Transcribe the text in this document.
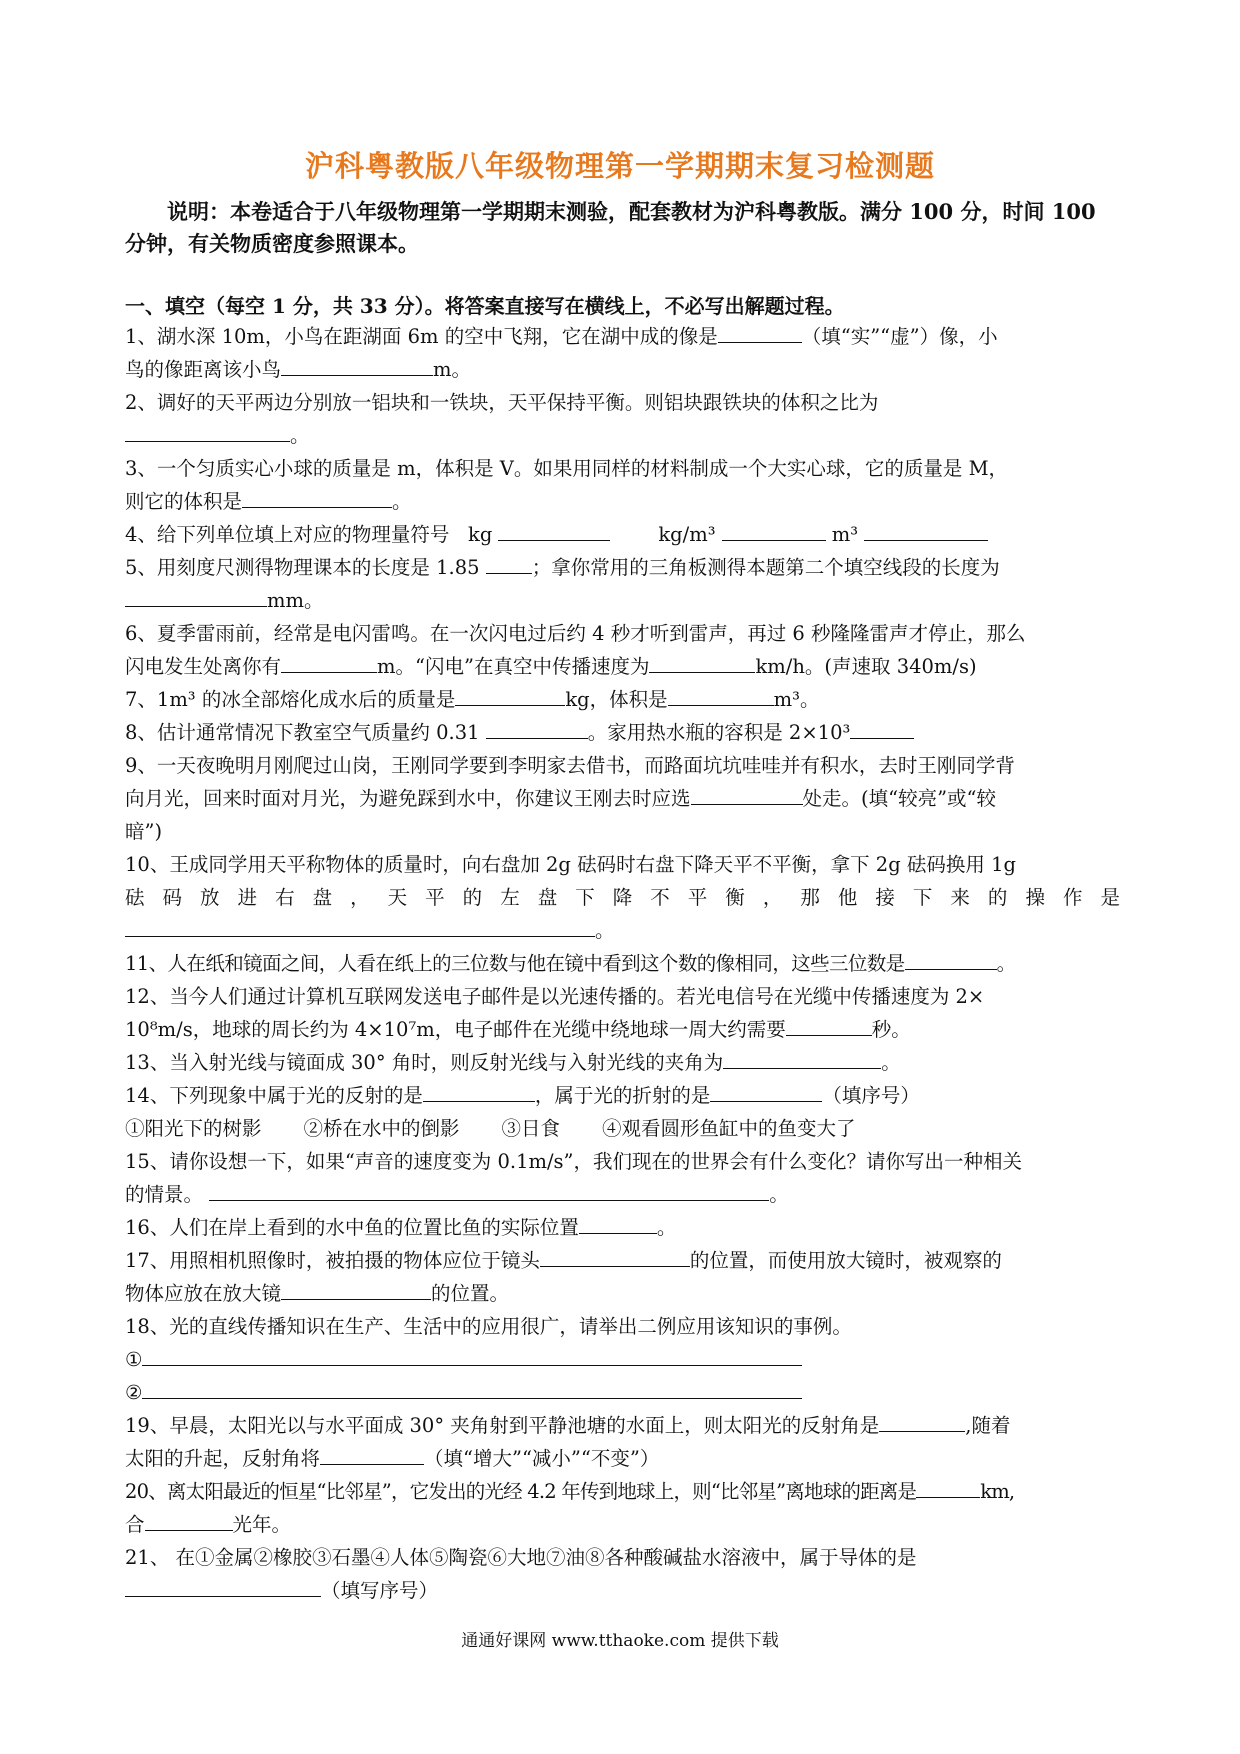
沪科粤教版八年级物理第一学期期末复习检测题
说明：本卷适合于八年级物理第一学期期末测验，配套教材为沪科粤教版。满分 100 分，时间 100 分钟，有关物质密度参照课本。
一、填空（每空 1 分，共 33 分）。将答案直接写在横线上，不必写出解题过程。

1、湖水深 10m，小鸟在距湖面 6m 的空中飞翔，它在湖中成的像是	（填“实”“虚”）像，小

鸟的像距离该小鸟	m。

2、调好的天平两边分别放一铝块和一铁块，天平保持平衡。则铝块跟铁块的体积之比为

。

3、一个匀质实心小球的质量是 m，体积是 V。如果用同样的材料制成一个大实心球，它的质量是 M，

则它的体积是	。

4、给下列单位填上对应的物理量符号 kg	kg/m³	m³

5、用刻度尺测得物理课本的长度是 1.85	；拿你常用的三角板测得本题第二个填空线段的长度为

mm。

6、夏季雷雨前，经常是电闪雷鸣。在一次闪电过后约 4 秒才听到雷声，再过 6 秒隆隆雷声才停止，那么

闪电发生处离你有	m。“闪电”在真空中传播速度为	km/h。(声速取 340m/s)

7、1m³ 的冰全部熔化成水后的质量是	kg，体积是	m³。

8、估计通常情况下教室空气质量约 0.31	。家用热水瓶的容积是 2×10³

9、一天夜晚明月刚爬过山岗，王刚同学要到李明家去借书，而路面坑坑哇哇并有积水，去时王刚同学背

向月光，回来时面对月光，为避免踩到水中，你建议王刚去时应选	处走。(填“较亮”或“较

暗”)

10、王成同学用天平称物体的质量时，向右盘加 2g 砝码时右盘下降天平不平衡，拿下 2g 砝码换用 1g

砝 码 放 进 右 盘 ， 天 平 的 左 盘 下 降 不 平 衡 ， 那 他 接 下 来 的 操 作 是

。

11、人在纸和镜面之间，人看在纸上的三位数与他在镜中看到这个数的像相同，这些三位数是	。

12、当今人们通过计算机互联网发送电子邮件是以光速传播的。若光电信号在光缆中传播速度为 2×

10⁸m/s，地球的周长约为 4×10⁷m，电子邮件在光缆中绕地球一周大约需要	秒。

13、当入射光线与镜面成 30° 角时，则反射光线与入射光线的夹角为	。

14、下列现象中属于光的反射的是	，属于光的折射的是	（填序号）

①阳光下的树影 ②桥在水中的倒影 ③日食 ④观看圆形鱼缸中的鱼变大了

15、请你设想一下，如果“声音的速度变为 0.1m/s”，我们现在的世界会有什么变化？请你写出一种相关

的情景。	。

16、人们在岸上看到的水中鱼的位置比鱼的实际位置	。

17、用照相机照像时，被拍摄的物体应位于镜头	的位置，而使用放大镜时，被观察的

物体应放在放大镜	的位置。

18、光的直线传播知识在生产、生活中的应用很广，请举出二例应用该知识的事例。

①

②

19、早晨，太阳光以与水平面成 30° 夹角射到平静池塘的水面上，则太阳光的反射角是	,随着

太阳的升起，反射角将	（填“增大”“减小”“不变”）

20、离太阳最近的恒星“比邻星”，它发出的光经 4.2 年传到地球上，则“比邻星”离地球的距离是	km,

合	光年。

21、 在①金属②橡胶③石墨④人体⑤陶瓷⑥大地⑦油⑧各种酸碱盐水溶液中，属于导体的是

（填写序号）

通通好课网 www.tthaoke.com 提供下载
